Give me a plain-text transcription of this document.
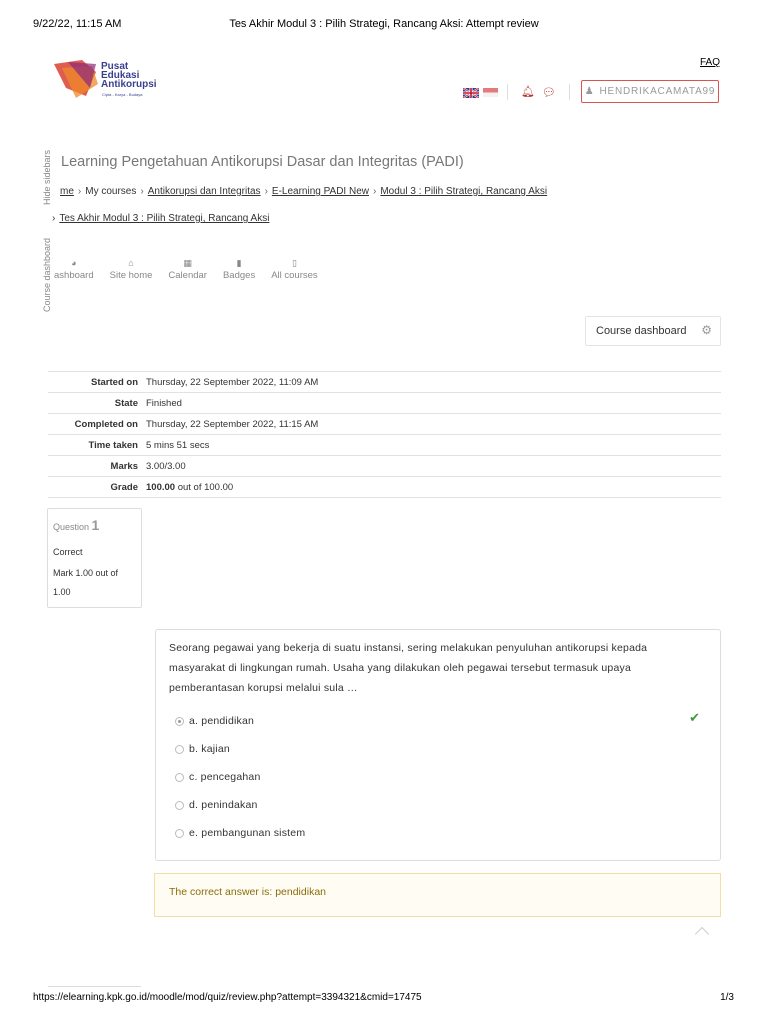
9/22/22, 11:15 AM	Tes Akhir Modul 3 : Pilih Strategi, Rancang Aksi: Attempt review
FAQ
Pusat
Edukasi
Antikorupsi
Cipta - Karya - Budaya	🔔︎ 💬︎	♟ HENDRIKACAMATA99
Hide sidebars
Course dashboard
Learning Pengetahuan Antikorupsi Dasar dan Integritas (PADI)
me › My courses › Antikorupsi dan Integritas › E-Learning PADI New › Modul 3 : Pilih Strategi, Rancang Aksi
› Tes Akhir Modul 3 : Pilih Strategi, Rancang Aksi
◕
ashboard
⌂
Site home
▦
Calendar
▮
Badges
▯
All courses
Course dashboard ⚙
Started on	Thursday, 22 September 2022, 11:09 AM
State	Finished
Completed on	Thursday, 22 September 2022, 11:15 AM
Time taken	5 mins 51 secs
Marks	3.00/3.00
Grade	100.00 out of 100.00
Question 1
Correct
Mark 1.00 out of 1.00
Seorang pegawai yang bekerja di suatu instansi, sering melakukan penyuluhan antikorupsi kepada masyarakat di lingkungan rumah. Usaha yang dilakukan oleh pegawai tersebut termasuk upaya pemberantasan korupsi melalui sula …
a. pendidikan
b. kajian
c. pencegahan
d. penindakan
e. pembangunan sistem
✔
The correct answer is: pendidikan
https://elearning.kpk.go.id/moodle/mod/quiz/review.php?attempt=3394321&cmid=17475	1/3
